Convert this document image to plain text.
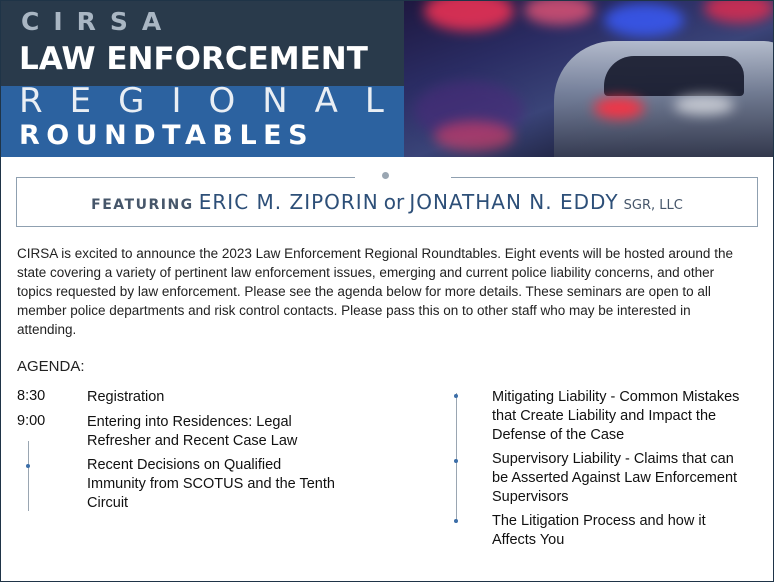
CIRSA

LAW ENFORCEMENT

REGIONAL

ROUNDTABLES

FEATURING ERIC M. ZIPORIN or JONATHAN N. EDDY SGR, LLC

CIRSA is excited to announce the 2023 Law Enforcement Regional Roundtables. Eight events will be hosted around the state covering a variety of pertinent law enforcement issues, emerging and current police liability concerns, and other topics requested by law enforcement. Please see the agenda below for more details. These seminars are open to all member police departments and risk control contacts. Please pass this on to other staff who may be interested in attending.

AGENDA:

8:30	Registration
9:00	Entering into Residences: Legal Refresher and Recent Case Law
Recent Decisions on Qualified Immunity from SCOTUS and the Tenth Circuit
Mitigating Liability - Common Mistakes that Create Liability and Impact the Defense of the Case
Supervisory Liability - Claims that can be Asserted Against Law Enforcement Supervisors
The Litigation Process and how it Affects You
